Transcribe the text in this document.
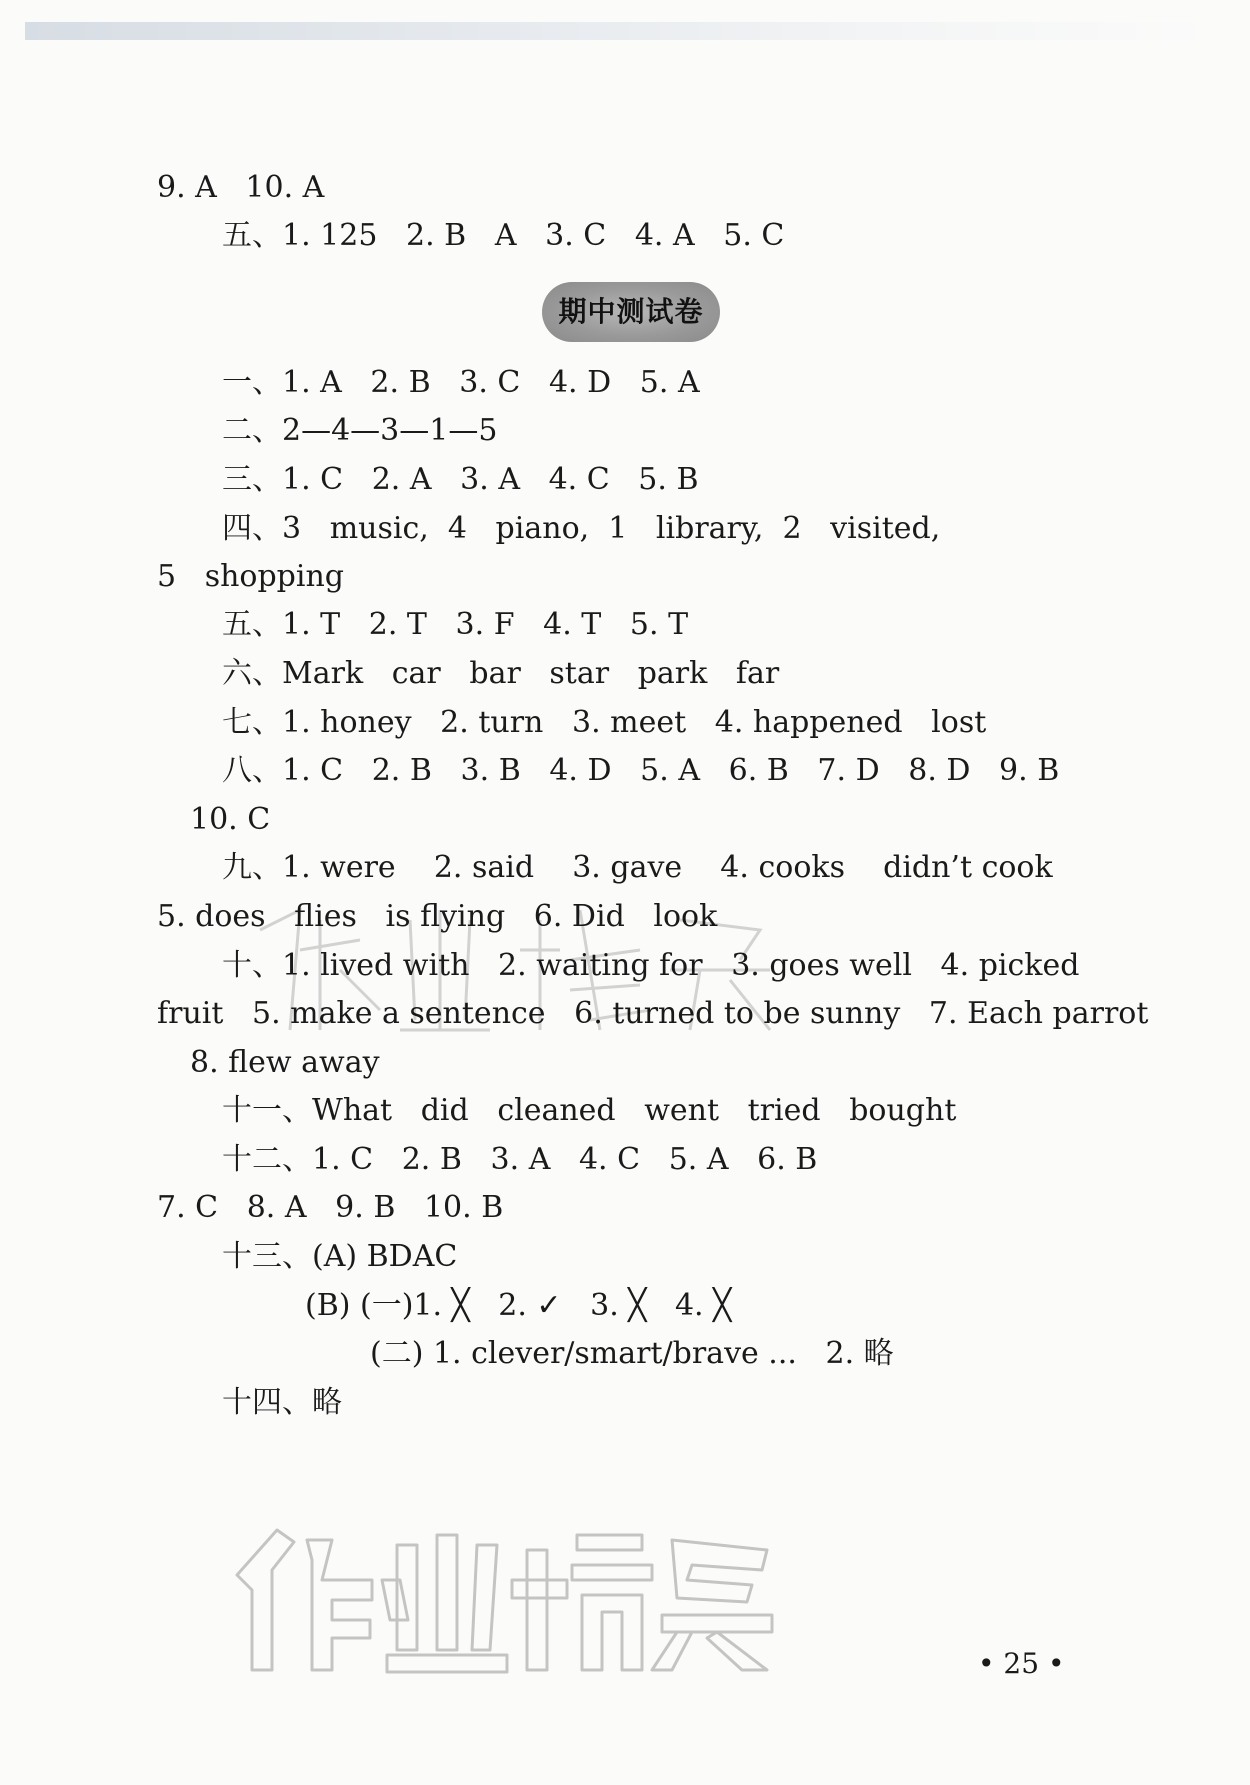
9. A   10. A
五、1. 125   2. B   A   3. C   4. A   5. C
期中测试卷
一、1. A   2. B   3. C   4. D   5. A
二、2—4—3—1—5
三、1. C   2. A   3. A   4. C   5. B
四、3   music,  4   piano,  1   library,  2   visited,
5   shopping
五、1. T   2. T   3. F   4. T   5. T
六、Mark   car   bar   star   park   far
七、1. honey   2. turn   3. meet   4. happened   lost
八、1. C   2. B   3. B   4. D   5. A   6. B   7. D   8. D   9. B
10. C
九、1. were    2. said    3. gave    4. cooks    didn’t cook
5. does   flies   is flying   6. Did   look
十、1. lived with   2. waiting for   3. goes well   4. picked
fruit   5. make a sentence   6. turned to be sunny   7. Each parrot
8. flew away
十一、What   did   cleaned   went   tried   bought
十二、1. C   2. B   3. A   4. C   5. A   6. B
7. C   8. A   9. B   10. B
十三、(A) BDAC
(B) (一)1. ╳   2. ✓   3. ╳   4. ╳
(二) 1. clever/smart/brave ...   2. 略
十四、略
• 25 •
